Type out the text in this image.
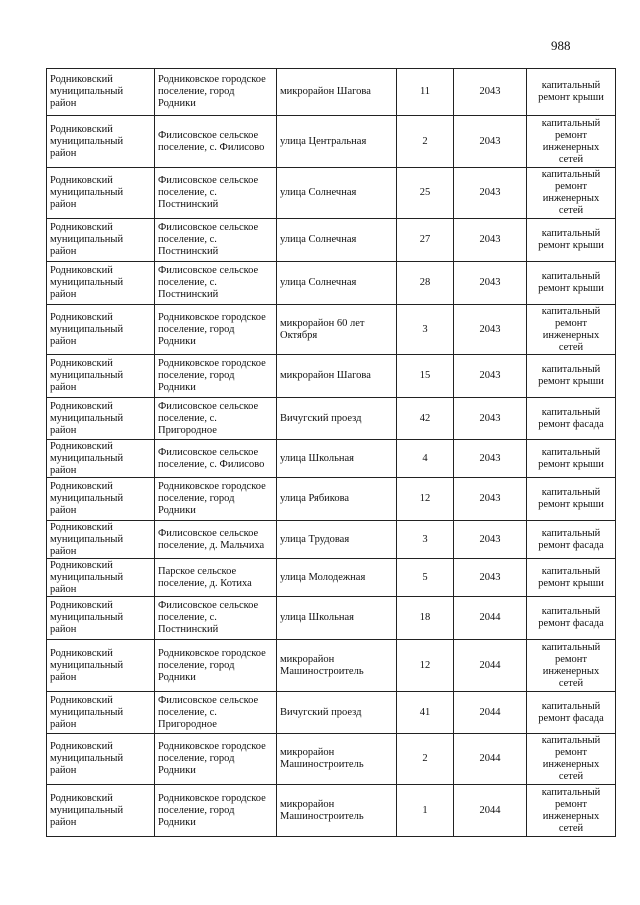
988
Родниковский муниципальный район	Родниковское городское поселение, город Родники	микрорайон Шагова	11	2043	капитальный ремонт крыши
Родниковский муниципальный район	Филисовское сельское поселение, с. Филисово	улица Центральная	2	2043	капитальный ремонт инженерных сетей
Родниковский муниципальный район	Филисовское сельское поселение, с. Постнинский	улица Солнечная	25	2043	капитальный ремонт инженерных сетей
Родниковский муниципальный район	Филисовское сельское поселение, с. Постнинский	улица Солнечная	27	2043	капитальный ремонт крыши
Родниковский муниципальный район	Филисовское сельское поселение, с. Постнинский	улица Солнечная	28	2043	капитальный ремонт крыши
Родниковский муниципальный район	Родниковское городское поселение, город Родники	микрорайон 60 лет Октября	3	2043	капитальный ремонт инженерных сетей
Родниковский муниципальный район	Родниковское городское поселение, город Родники	микрорайон Шагова	15	2043	капитальный ремонт крыши
Родниковский муниципальный район	Филисовское сельское поселение, с. Пригородное	Вичугский проезд	42	2043	капитальный ремонт фасада
Родниковский муниципальный район	Филисовское сельское поселение, с. Филисово	улица Школьная	4	2043	капитальный ремонт крыши
Родниковский муниципальный район	Родниковское городское поселение, город Родники	улица Рябикова	12	2043	капитальный ремонт крыши
Родниковский муниципальный район	Филисовское сельское поселение, д. Мальчиха	улица Трудовая	3	2043	капитальный ремонт фасада
Родниковский муниципальный район	Парское сельское поселение, д. Котиха	улица Молодежная	5	2043	капитальный ремонт крыши
Родниковский муниципальный район	Филисовское сельское поселение, с. Постнинский	улица Школьная	18	2044	капитальный ремонт фасада
Родниковский муниципальный район	Родниковское городское поселение, город Родники	микрорайон Машиностроитель	12	2044	капитальный ремонт инженерных сетей
Родниковский муниципальный район	Филисовское сельское поселение, с. Пригородное	Вичугский проезд	41	2044	капитальный ремонт фасада
Родниковский муниципальный район	Родниковское городское поселение, город Родники	микрорайон Машиностроитель	2	2044	капитальный ремонт инженерных сетей
Родниковский муниципальный район	Родниковское городское поселение, город Родники	микрорайон Машиностроитель	1	2044	капитальный ремонт инженерных сетей
